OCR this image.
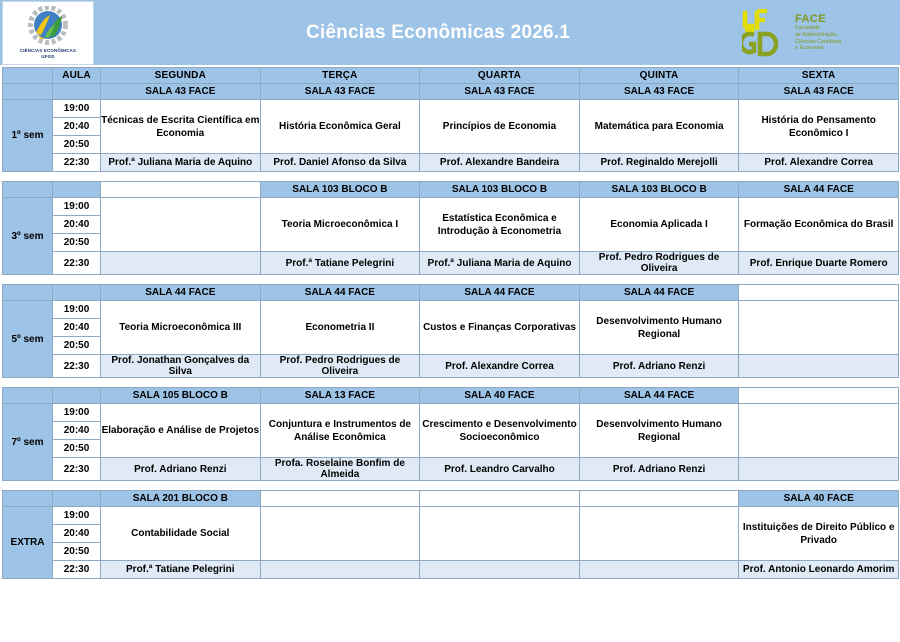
CIÊNCIAS ECONÔMICAS
UFGD
Ciências Econômicas 2026.1
FACE
Faculdade
de Administração,
Ciências Contábeis
e Economia
	AULA	SEGUNDA	TERÇA	QUARTA	QUINTA	SEXTA
		SALA 43 FACE	SALA 43 FACE	SALA 43 FACE	SALA 43 FACE	SALA 43 FACE
1º sem	19:00	Técnicas de Escrita Científica em Economia	História Econômica Geral	Princípios de Economia	Matemática para Economia	História do Pensamento Econômico I
	20:40					
	20:50					
	22:30	Prof.ª Juliana Maria de Aquino	Prof. Daniel Afonso da Silva	Prof. Alexandre Bandeira	Prof. Reginaldo Merejolli	Prof. Alexandre Correa
			SALA 103 BLOCO B	SALA 103 BLOCO B	SALA 103 BLOCO B	SALA 44 FACE
3º sem	19:00		Teoria Microeconômica I	Estatística Econômica e Introdução à Econometria	Economia Aplicada I	Formação Econômica do Brasil
	20:40					
	20:50					
	22:30		Prof.ª Tatiane Pelegrini	Prof.ª Juliana Maria de Aquino	Prof. Pedro Rodrigues de Oliveira	Prof. Enrique Duarte Romero
		SALA 44 FACE	SALA 44 FACE	SALA 44 FACE	SALA 44 FACE	
5º sem	19:00	Teoria Microeconômica III	Econometria II	Custos e Finanças Corporativas	Desenvolvimento Humano Regional	
	20:40					
	20:50					
	22:30	Prof. Jonathan Gonçalves da Silva	Prof. Pedro Rodrigues de Oliveira	Prof. Alexandre Correa	Prof. Adriano Renzi	
		SALA 105 BLOCO B	SALA 13 FACE	SALA 40 FACE	SALA 44 FACE	
7º sem	19:00	Elaboração e Análise de Projetos	Conjuntura e Instrumentos de Análise Econômica	Crescimento e Desenvolvimento Socioeconômico	Desenvolvimento Humano Regional	
	20:40					
	20:50					
	22:30	Prof. Adriano Renzi	Profa. Roselaine Bonfim de Almeida	Prof. Leandro Carvalho	Prof. Adriano Renzi	
		SALA 201 BLOCO B				SALA 40 FACE
EXTRA	19:00	Contabilidade Social				Instituições de Direito Público e Privado
	20:40					
	20:50					
	22:30	Prof.ª Tatiane Pelegrini				Prof. Antonio Leonardo Amorim
